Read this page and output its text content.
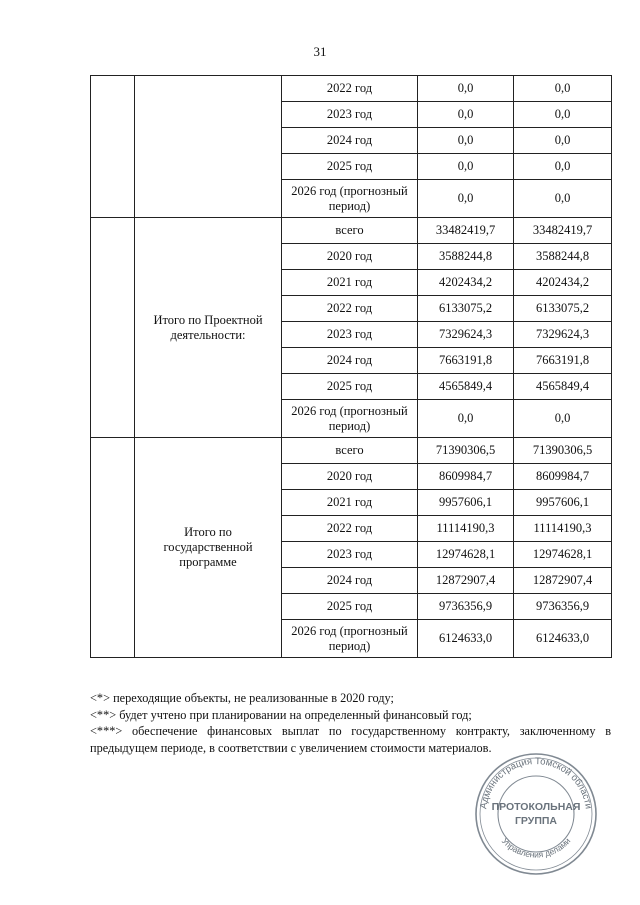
31
		2022 год	0,0	0,0
		2023 год	0,0	0,0
		2024 год	0,0	0,0
		2025 год	0,0	0,0
		2026 год (прогнозный период)	0,0	0,0
	Итого по Проектной деятельности:	всего	33482419,7	33482419,7
		2020 год	3588244,8	3588244,8
		2021 год	4202434,2	4202434,2
		2022 год	6133075,2	6133075,2
		2023 год	7329624,3	7329624,3
		2024 год	7663191,8	7663191,8
		2025 год	4565849,4	4565849,4
		2026 год (прогнозный период)	0,0	0,0
	Итого по государственной программе	всего	71390306,5	71390306,5
		2020 год	8609984,7	8609984,7
		2021 год	9957606,1	9957606,1
		2022 год	11114190,3	11114190,3
		2023 год	12974628,1	12974628,1
		2024 год	12872907,4	12872907,4
		2025 год	9736356,9	9736356,9
		2026 год (прогнозный период)	6124633,0	6124633,0

<*> переходящие объекты, не реализованные в 2020 году;

<**> будет учтено при планировании на определенный финансовый год;

<***> обеспечение финансовых выплат по государственному контракту, заключенному в предыдущем периоде, в соответствии с увеличением стоимости материалов.

Администрация Томской области
Управления делами
ПРОТОКОЛЬНАЯ
ГРУППА
